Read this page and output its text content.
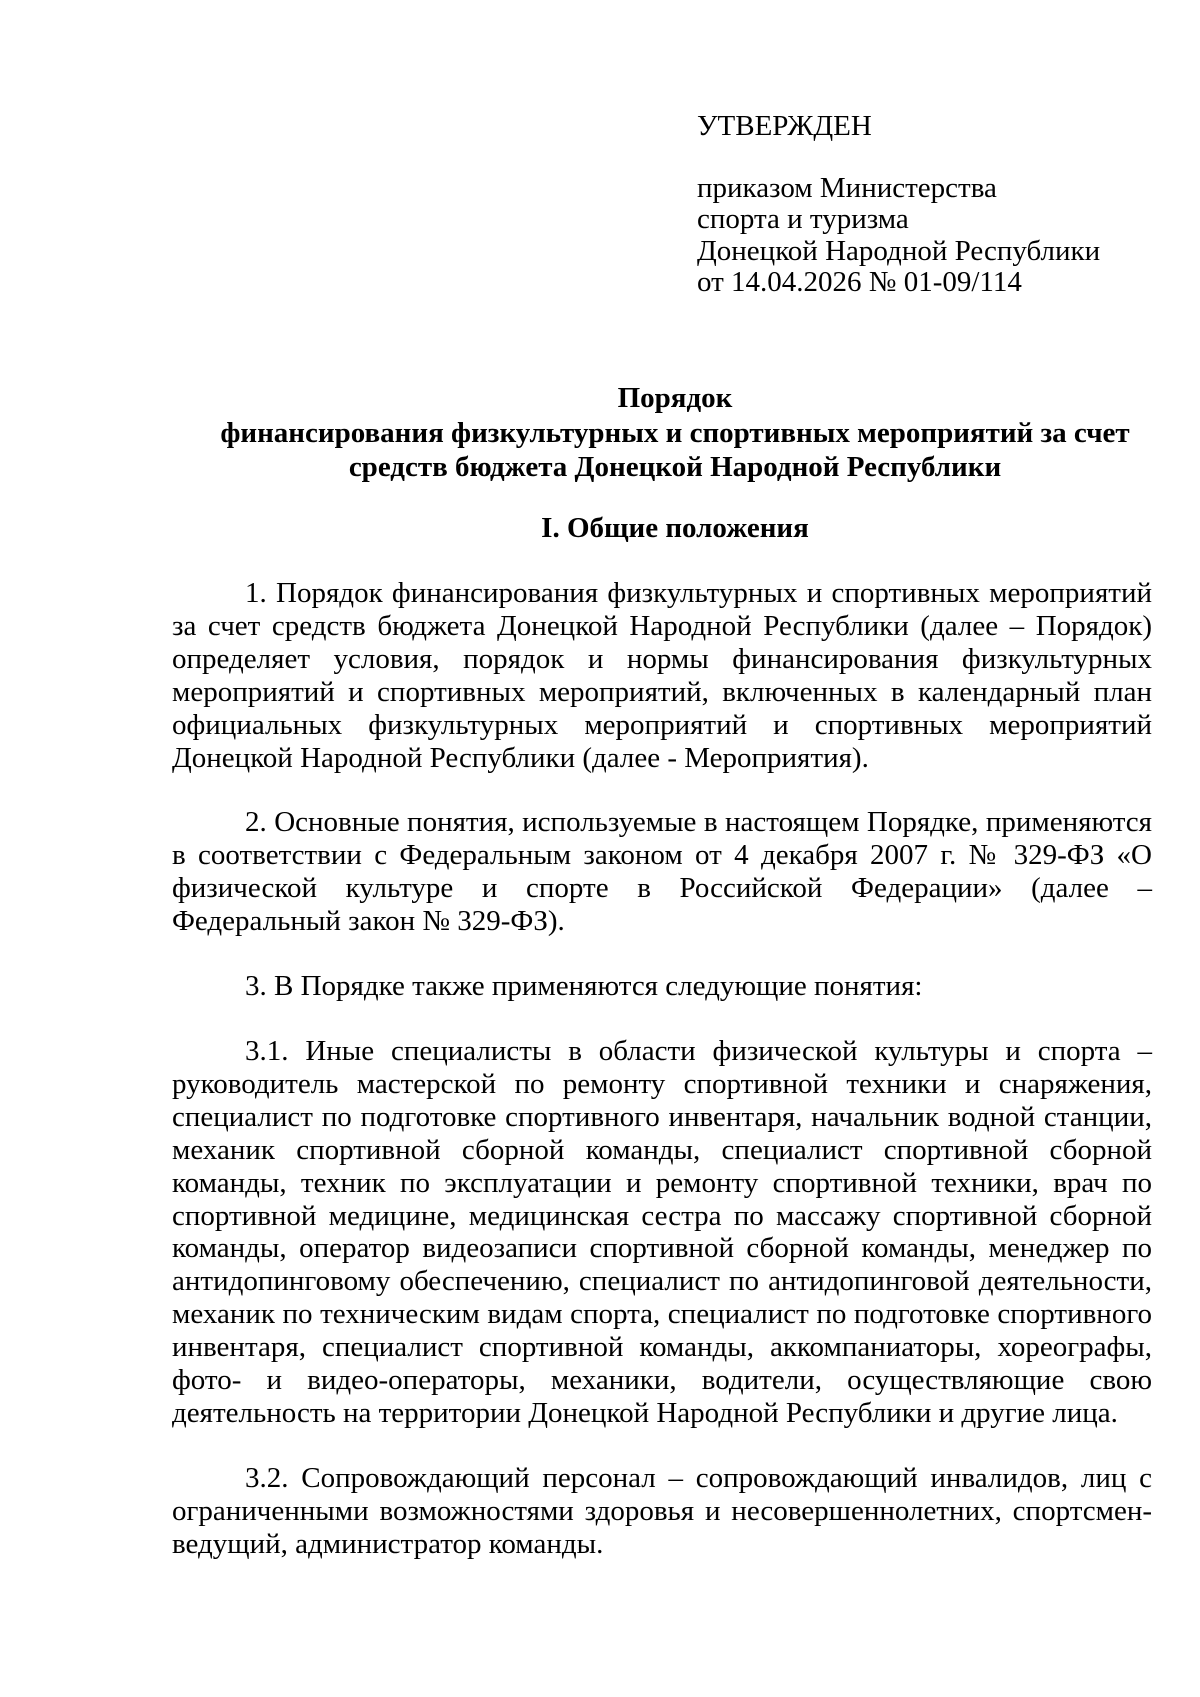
УТВЕРЖДЕН
приказом Министерства
спорта и туризма
Донецкой Народной Республики
от 14.04.2026 № 01-09/114
Порядок
финансирования физкультурных и спортивных мероприятий за счет
средств бюджета Донецкой Народной Республики
I. Общие положения

1. Порядок финансирования физкультурных и спортивных мероприятий за счет средств бюджета Донецкой Народной Республики (далее – Порядок) определяет условия, порядок и нормы финансирования физкультурных мероприятий и спортивных мероприятий, включенных в календарный план официальных физкультурных мероприятий и спортивных мероприятий Донецкой Народной Республики (далее - Мероприятия).

2. Основные понятия, используемые в настоящем Порядке, применяются в соответствии с Федеральным законом от 4 декабря 2007 г. № 329-ФЗ «О физической культуре и спорте в Российской Федерации» (далее – Федеральный закон № 329-ФЗ).

3. В Порядке также применяются следующие понятия:

3.1. Иные специалисты в области физической культуры и спорта – руководитель мастерской по ремонту спортивной техники и снаряжения, специалист по подготовке спортивного инвентаря, начальник водной станции, механик спортивной сборной команды, специалист спортивной сборной команды, техник по эксплуатации и ремонту спортивной техники, врач по спортивной медицине, медицинская сестра по массажу спортивной сборной команды, оператор видеозаписи спортивной сборной команды, менеджер по антидопинговому обеспечению, специалист по антидопинговой деятельности, механик по техническим видам спорта, специалист по подготовке спортивного инвентаря, специалист спортивной команды, аккомпаниаторы, хореографы, фото- и видео-операторы, механики, водители, осуществляющие свою деятельность на территории Донецкой Народной Республики и другие лица.

3.2. Сопровождающий персонал – сопровождающий инвалидов, лиц с ограниченными возможностями здоровья и несовершеннолетних, спортсмен-ведущий, администратор команды.
